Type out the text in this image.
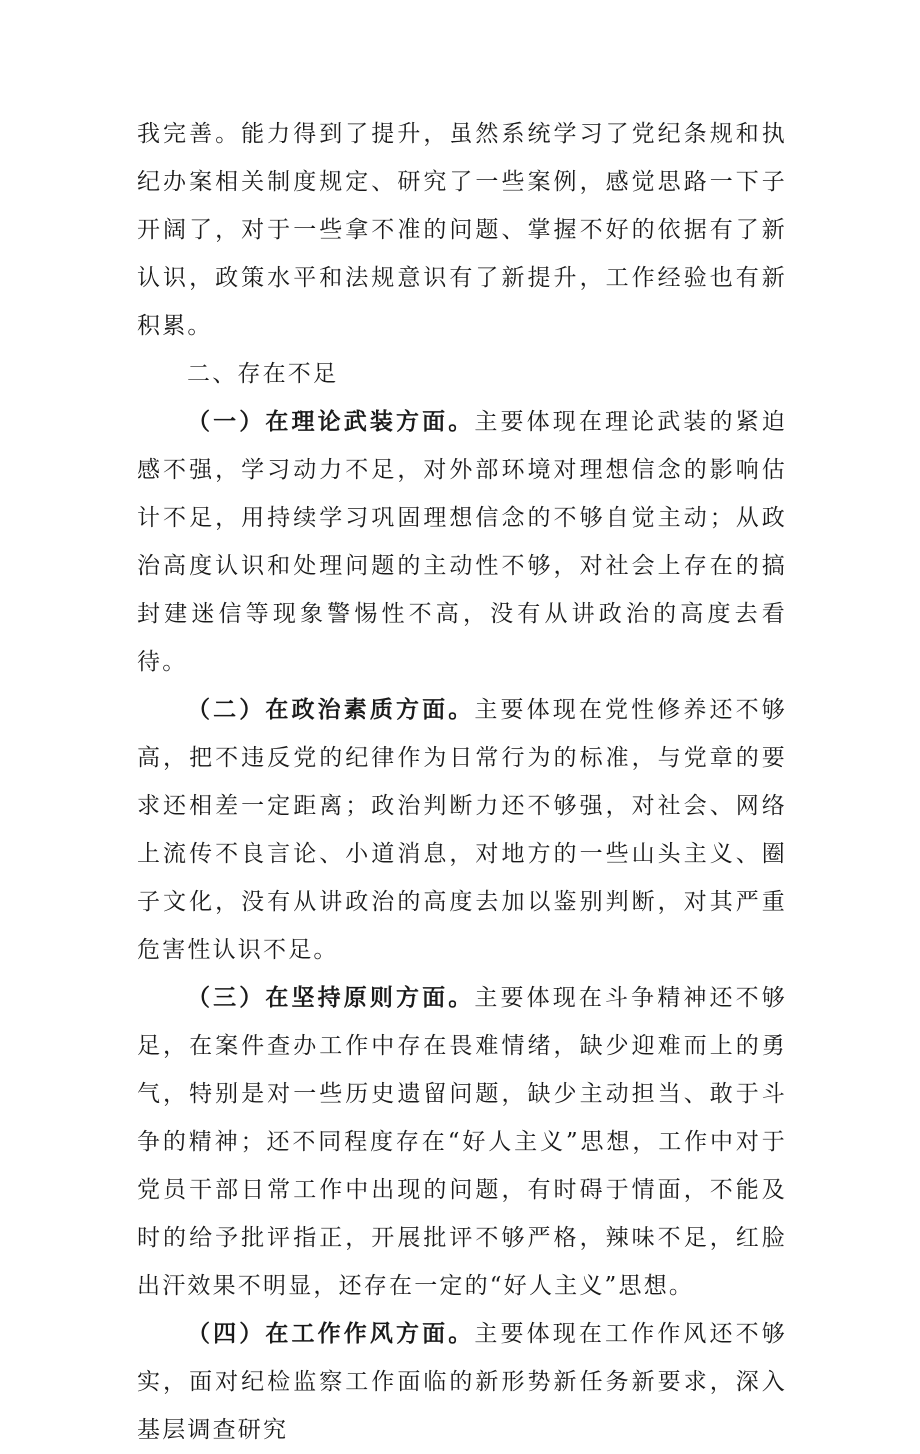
我完善。能力得到了提升，虽然系统学习了党纪条规和执纪办案相关制度规定、研究了一些案例，感觉思路一下子开阔了，对于一些拿不准的问题、掌握不好的依据有了新认识，政策水平和法规意识有了新提升，工作经验也有新积累。

二、存在不足

（一）在理论武装方面。主要体现在理论武装的紧迫感不强，学习动力不足，对外部环境对理想信念的影响估计不足，用持续学习巩固理想信念的不够自觉主动；从政治高度认识和处理问题的主动性不够，对社会上存在的搞封建迷信等现象警惕性不高，没有从讲政治的高度去看待。

（二）在政治素质方面。主要体现在党性修养还不够高，把不违反党的纪律作为日常行为的标准，与党章的要求还相差一定距离；政治判断力还不够强，对社会、网络上流传不良言论、小道消息，对地方的一些山头主义、圈子文化，没有从讲政治的高度去加以鉴别判断，对其严重危害性认识不足。

（三）在坚持原则方面。主要体现在斗争精神还不够足，在案件查办工作中存在畏难情绪，缺少迎难而上的勇气，特别是对一些历史遗留问题，缺少主动担当、敢于斗争的精神；还不同程度存在“好人主义”思想，工作中对于党员干部日常工作中出现的问题，有时碍于情面，不能及时的给予批评指正，开展批评不够严格，辣味不足，红脸出汗效果不明显，还存在一定的“好人主义”思想。

（四）在工作作风方面。主要体现在工作作风还不够实，面对纪检监察工作面临的新形势新任务新要求，深入基层调查研究
